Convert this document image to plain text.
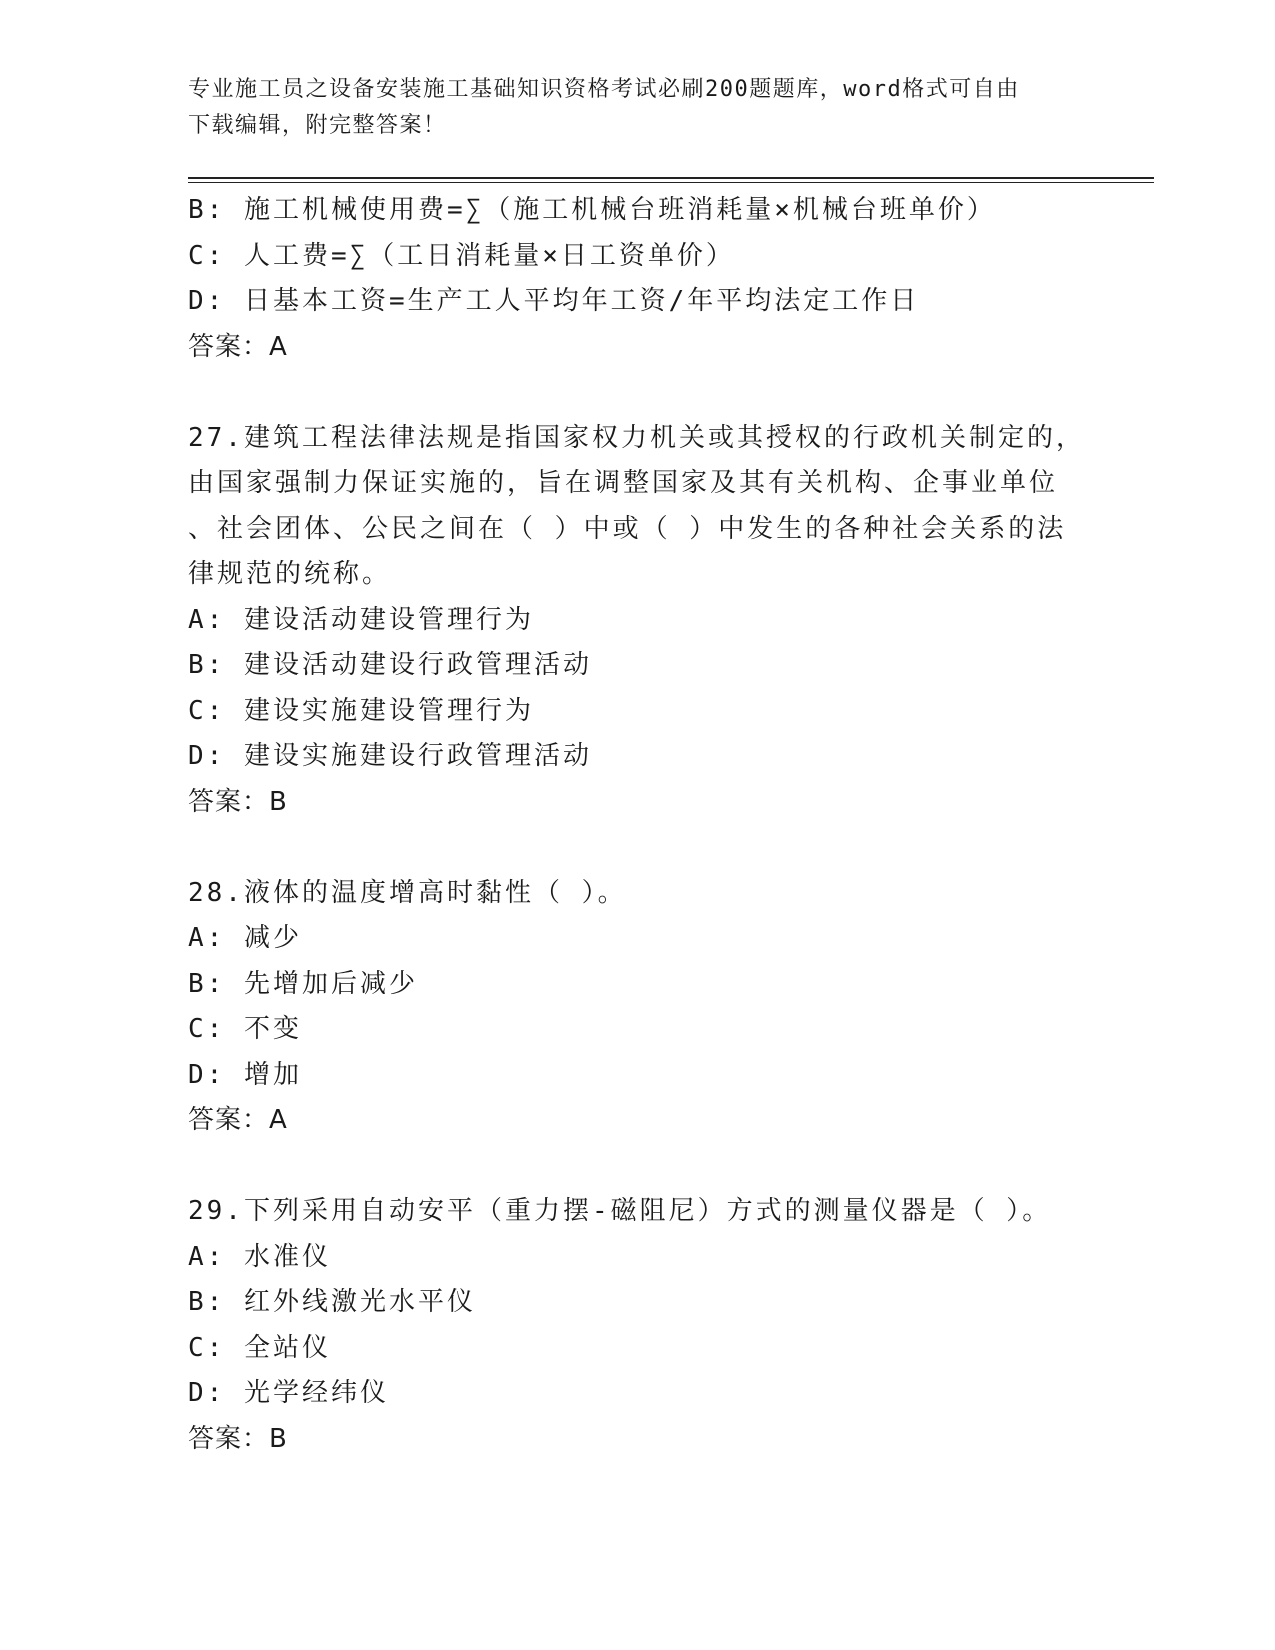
专业施工员之设备安装施工基础知识资格考试必刷200题题库，word格式可自由
下载编辑，附完整答案！
B: 施工机械使用费=∑（施工机械台班消耗量×机械台班单价）
C: 人工费=∑（工日消耗量×日工资单价）
D: 日基本工资=生产工人平均年工资/年平均法定工作日
答案：A
27.建筑工程法律法规是指国家权力机关或其授权的行政机关制定的，
由国家强制力保证实施的，旨在调整国家及其有关机构、企事业单位
、社会团体、公民之间在（ ）中或（ ）中发生的各种社会关系的法
律规范的统称。
A: 建设活动建设管理行为
B: 建设活动建设行政管理活动
C: 建设实施建设管理行为
D: 建设实施建设行政管理活动
答案：B
28.液体的温度增高时黏性（ ）。
A: 减少
B: 先增加后减少
C: 不变
D: 增加
答案：A
29.下列采用自动安平（重力摆-磁阻尼）方式的测量仪器是（ ）。
A: 水准仪
B: 红外线激光水平仪
C: 全站仪
D: 光学经纬仪
答案：B
